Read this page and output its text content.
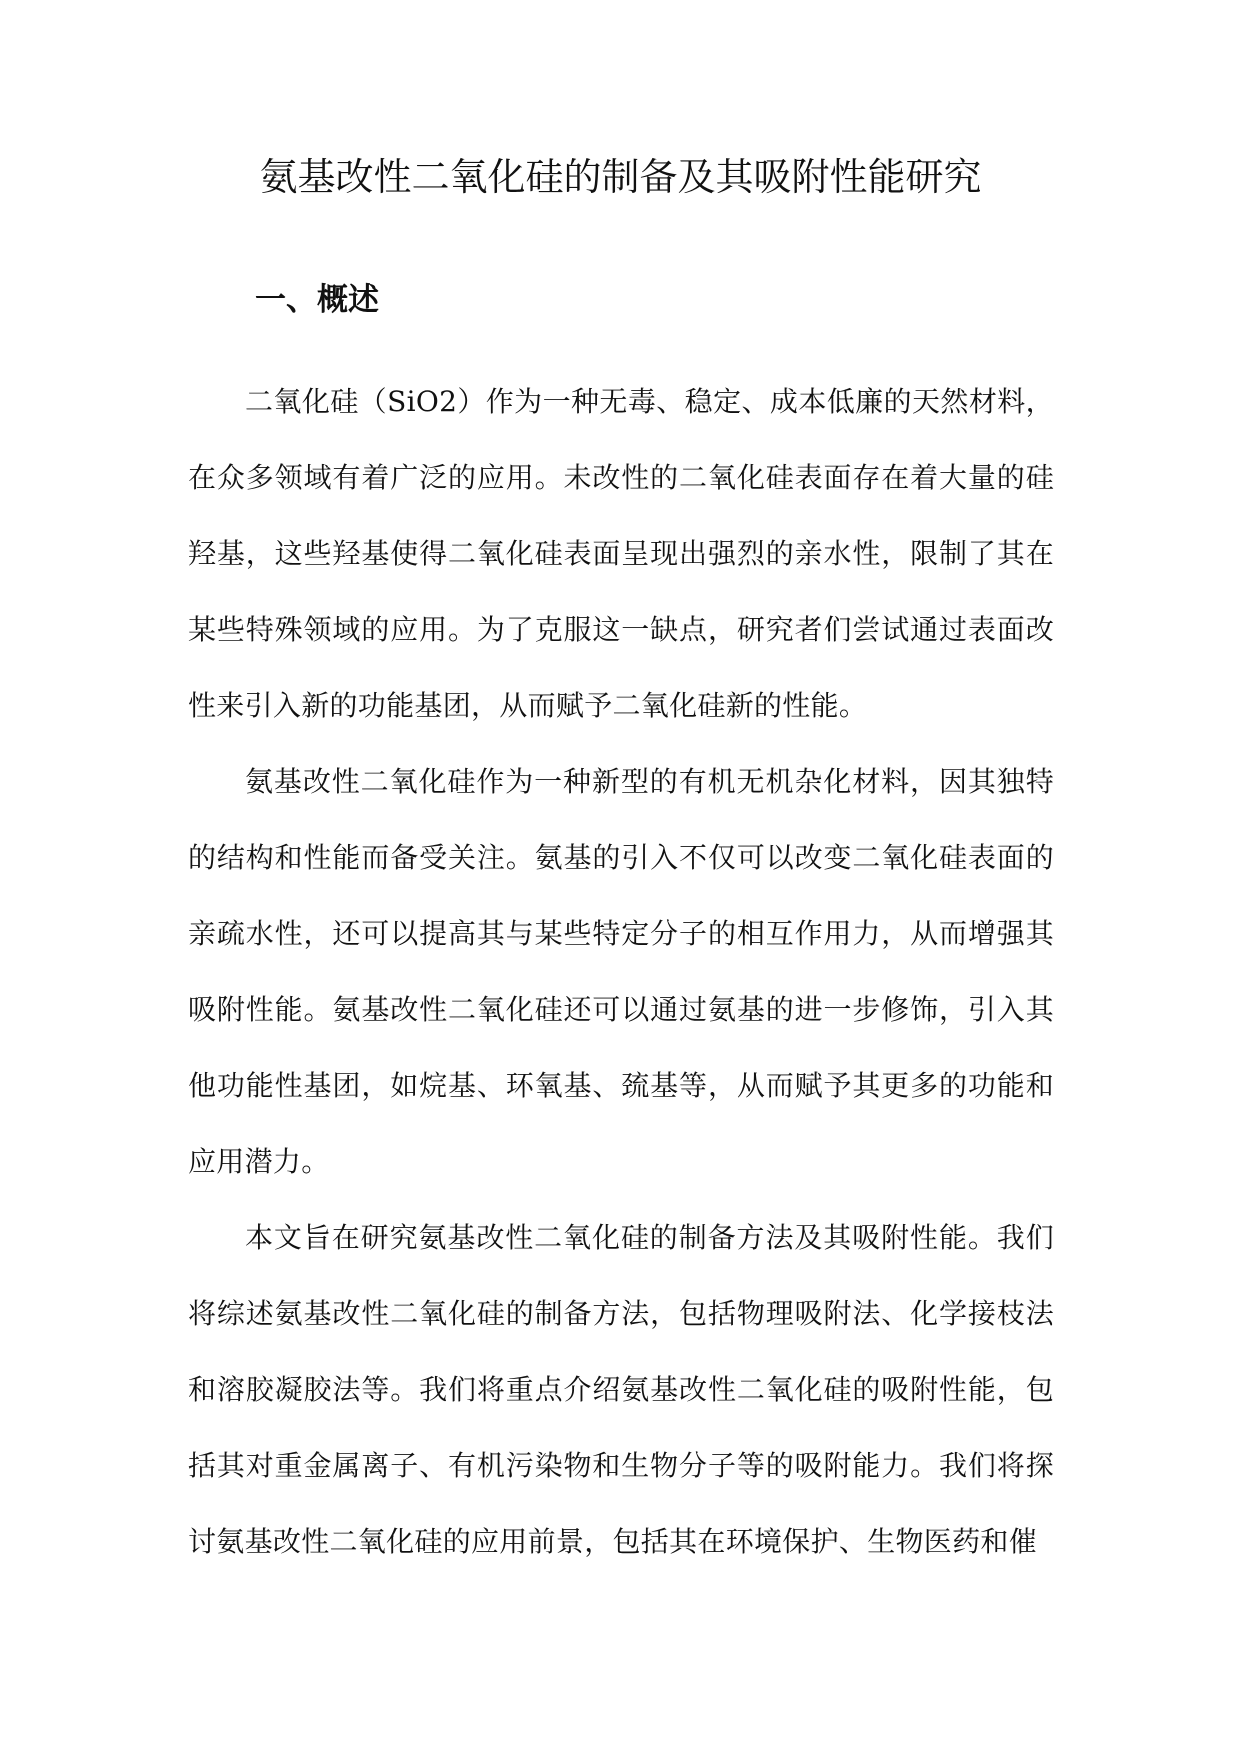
氨基改性二氧化硅的制备及其吸附性能研究
一、概述

二氧化硅（SiO2）作为一种无毒、稳定、成本低廉的天然材料，在众多领域有着广泛的应用。未改性的二氧化硅表面存在着大量的硅羟基，这些羟基使得二氧化硅表面呈现出强烈的亲水性，限制了其在某些特殊领域的应用。为了克服这一缺点，研究者们尝试通过表面改性来引入新的功能基团，从而赋予二氧化硅新的性能。

氨基改性二氧化硅作为一种新型的有机无机杂化材料，因其独特的结构和性能而备受关注。氨基的引入不仅可以改变二氧化硅表面的亲疏水性，还可以提高其与某些特定分子的相互作用力，从而增强其吸附性能。氨基改性二氧化硅还可以通过氨基的进一步修饰，引入其他功能性基团，如烷基、环氧基、巯基等，从而赋予其更多的功能和应用潜力。

本文旨在研究氨基改性二氧化硅的制备方法及其吸附性能。我们将综述氨基改性二氧化硅的制备方法，包括物理吸附法、化学接枝法和溶胶凝胶法等。我们将重点介绍氨基改性二氧化硅的吸附性能，包括其对重金属离子、有机污染物和生物分子等的吸附能力。我们将探讨氨基改性二氧化硅的应用前景，包括其在环境保护、生物医药和催
